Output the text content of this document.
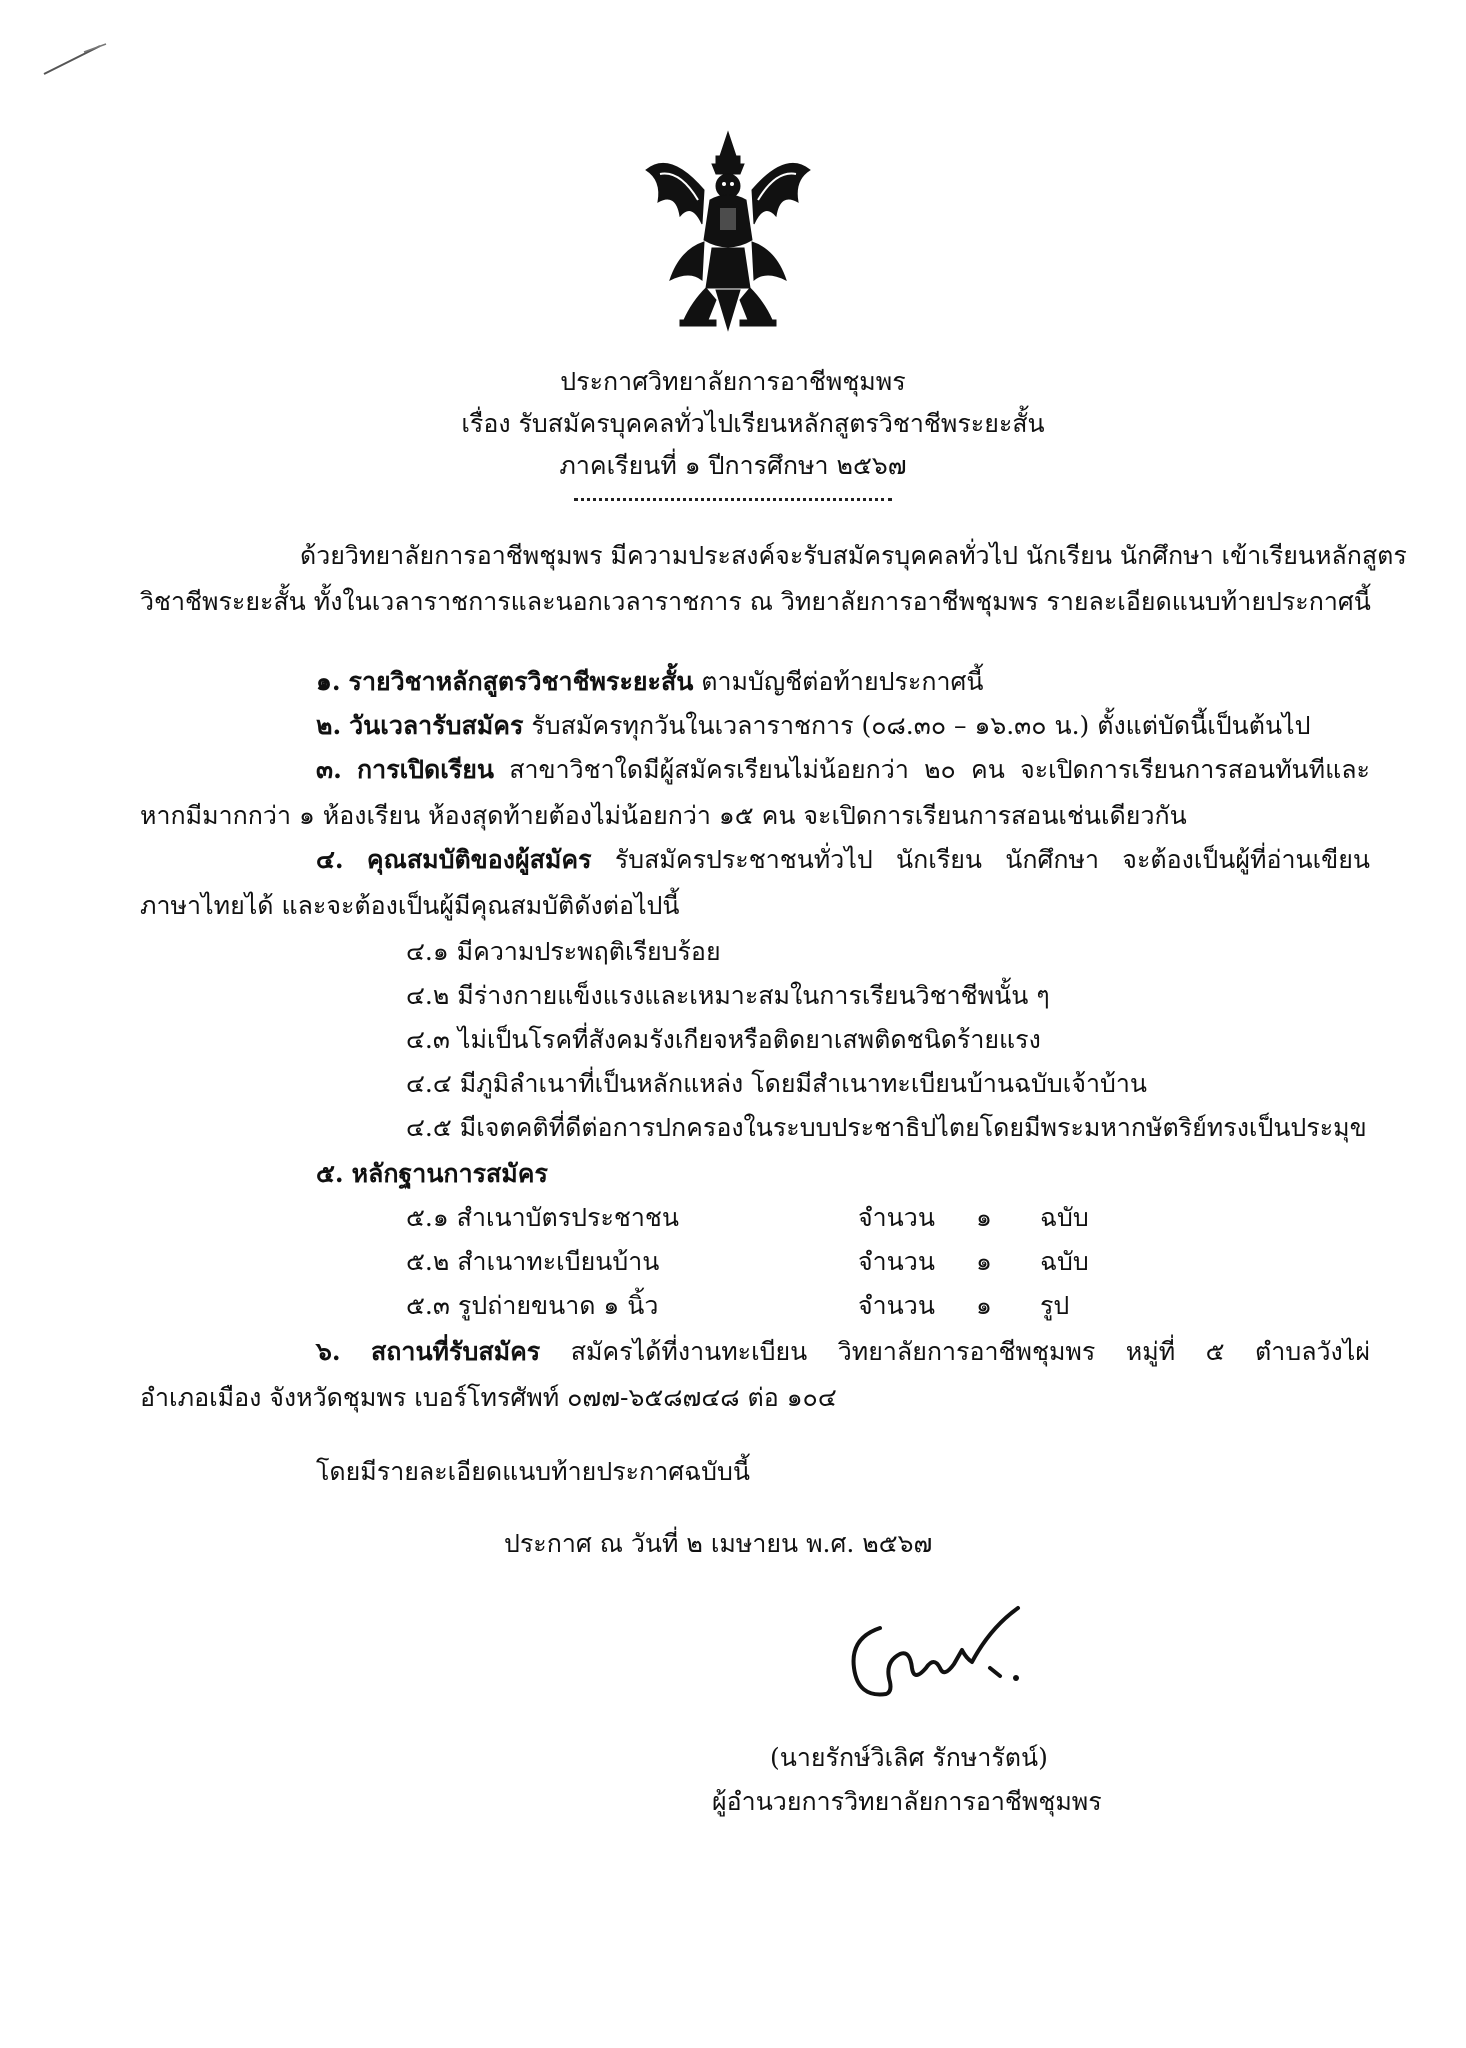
ประกาศวิทยาลัยการอาชีพชุมพร
เรื่อง รับสมัครบุคคลทั่วไปเรียนหลักสูตรวิชาชีพระยะสั้น
ภาคเรียนที่ ๑ ปีการศึกษา ๒๕๖๗
ด้วยวิทยาลัยการอาชีพชุมพร มีความประสงค์จะรับสมัครบุคคลทั่วไป นักเรียน นักศึกษา เข้าเรียนหลักสูตร
วิชาชีพระยะสั้น ทั้งในเวลาราชการและนอกเวลาราชการ ณ วิทยาลัยการอาชีพชุมพร รายละเอียดแนบท้ายประกาศนี้
๑. รายวิชาหลักสูตรวิชาชีพระยะสั้น ตามบัญชีต่อท้ายประกาศนี้
๒. วันเวลารับสมัคร รับสมัครทุกวันในเวลาราชการ (๐๘.๓๐ – ๑๖.๓๐ น.) ตั้งแต่บัดนี้เป็นต้นไป
๓. การเปิดเรียน สาขาวิชาใดมีผู้สมัครเรียนไม่น้อยกว่า ๒๐ คน จะเปิดการเรียนการสอนทันทีและ
หากมีมากกว่า ๑ ห้องเรียน ห้องสุดท้ายต้องไม่น้อยกว่า ๑๕ คน จะเปิดการเรียนการสอนเช่นเดียวกัน
๔. คุณสมบัติของผู้สมัคร รับสมัครประชาชนทั่วไป นักเรียน นักศึกษา จะต้องเป็นผู้ที่อ่านเขียน
ภาษาไทยได้ และจะต้องเป็นผู้มีคุณสมบัติดังต่อไปนี้
๔.๑ มีความประพฤติเรียบร้อย
๔.๒ มีร่างกายแข็งแรงและเหมาะสมในการเรียนวิชาชีพนั้น ๆ
๔.๓ ไม่เป็นโรคที่สังคมรังเกียจหรือติดยาเสพติดชนิดร้ายแรง
๔.๔ มีภูมิลำเนาที่เป็นหลักแหล่ง โดยมีสำเนาทะเบียนบ้านฉบับเจ้าบ้าน
๔.๕ มีเจตคติที่ดีต่อการปกครองในระบบประชาธิปไตยโดยมีพระมหากษัตริย์ทรงเป็นประมุข
๕. หลักฐานการสมัคร
๕.๑ สำเนาบัตรประชาชน	จำนวน ๑ ฉบับ
๕.๒ สำเนาทะเบียนบ้าน	จำนวน ๑ ฉบับ
๕.๓ รูปถ่ายขนาด ๑ นิ้ว	จำนวน ๑ รูป
๖. สถานที่รับสมัคร สมัครได้ที่งานทะเบียน วิทยาลัยการอาชีพชุมพร หมู่ที่ ๕ ตำบลวังไผ่
อำเภอเมือง จังหวัดชุมพร เบอร์โทรศัพท์ ๐๗๗-๖๕๘๗๔๘ ต่อ ๑๐๔
โดยมีรายละเอียดแนบท้ายประกาศฉบับนี้
ประกาศ ณ วันที่ ๒ เมษายน พ.ศ. ๒๕๖๗
(นายรักษ์วิเลิศ รักษารัตน์)
ผู้อำนวยการวิทยาลัยการอาชีพชุมพร
